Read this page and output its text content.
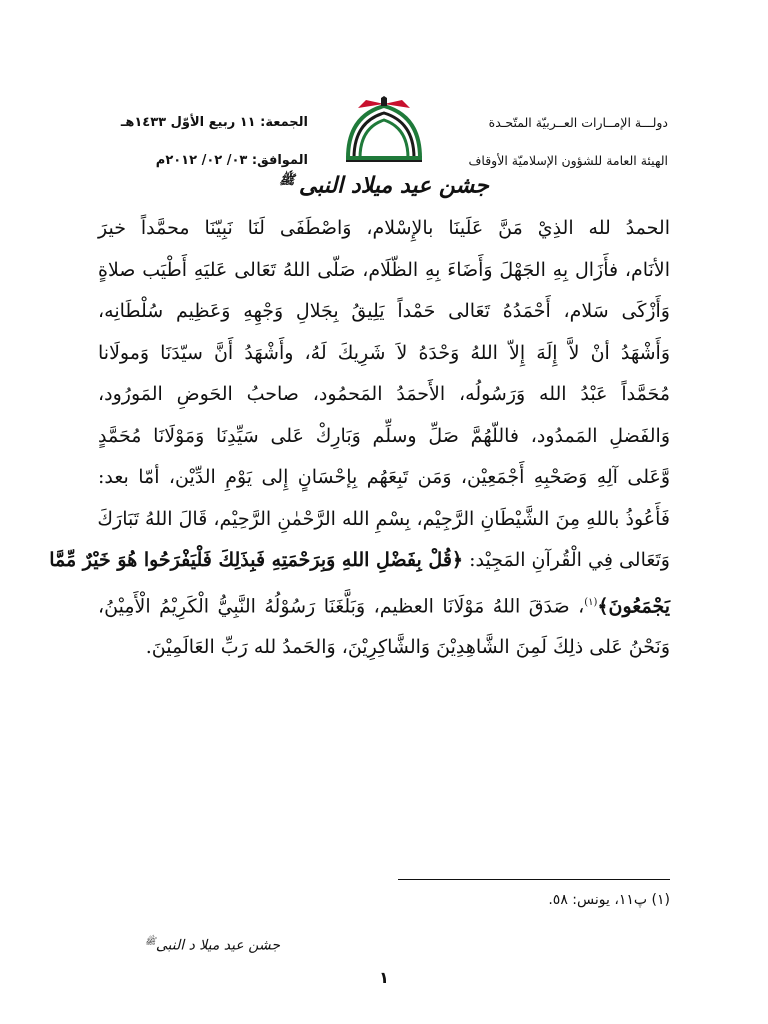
دولـــة الإمــارات العــربيّة المتّحـدة
الهيئة العامة للشؤون الإسلاميّة الأوقاف
الجمعة: ١١ ربيع الأوّل ١٤٣٣هـ
الموافق: ٠٣/ ٠٢/ ٢٠١٢م
جشن عيد ميلاد النبی$^ﷺ$
الحمدُ لله الذِيْ مَنَّ عَلَينَا بالإِسْلام، وَاصْطَفَى لَنَا نَبِيّنَا محمَّداً خيرَ
الأنَام، فأَزَال بِهِ الجَهْلَ وَأَضَاءَ بِهِ الظّلَام، صَلّى اللهُ تَعَالى عَليَهِ أَطْيَب صلاةٍ
وَأَزْكَى سَلام، أَحْمَدُهُ تَعَالى حَمْداً يَلِيقُ بِجَلالِ وَجْهِهِ وَعَظِيم سُلْطَانِه،
وَأَشْهَدُ أنْ لاَّ إِلَهَ إِلاّ اللهُ وَحْدَهُ لاَ شَرِيكَ لَهُ، وأَشْهَدُ أَنَّ سيّدَنَا وَمولَانا
مُحَمَّداً عَبْدُ الله وَرَسُولُه، الأَحمَدُ المَحمُود، صاحبُ الحَوضِ المَورُود،
وَالفَضلِ المَمدُود، فاللّهُمَّ صَلِّ وسلِّم وَبَارِكْ عَلى سَيِّدِنَا وَمَوْلَانَا مُحَمَّدٍ
وَّعَلى آلِهِ وَصَحْبِهِ أَجْمَعِيْن، وَمَن تَبِعَهُم بِإحْسَانٍ إِلى يَوْمِ الدِّيْن، أمّا بعد:
فَأَعُوذُ باللهِ مِنَ الشَّيْطَانِ الرَّجِيْم، بِسْمِ الله الرَّحْمٰنِ الرَّحِيْم، قَالَ اللهُ تَبَارَكَ
وَتَعَالى فِي الْقُرآنِ المَجِيْد: ﴿قُلْ بِفَضْلِ اللهِ وَبِرَحْمَتِهِ فَبِذَلِكَ فَلْيَفْرَحُوا هُوَ خَيْرٌ مِّمَّا
يَجْمَعُونَ﴾$^{(١)}$، صَدَقَ اللهُ مَوْلَانَا العظيم، وَبَلَّغَنَا رَسُوْلُهُ النَّبِيُّ الْكَرِيْمُ الْأَمِيْنُ،
وَنَحْنُ عَلى ذلِكَ لَمِنَ الشَّاهِدِيْنَ وَالشَّاكِرِيْنَ، وَالحَمدُ لله رَبِّ العَالَمِيْنَ.
(١) پ١١، يونس: ٥٨.
جشن عید میلا د النبی$^ﷺ$
١
